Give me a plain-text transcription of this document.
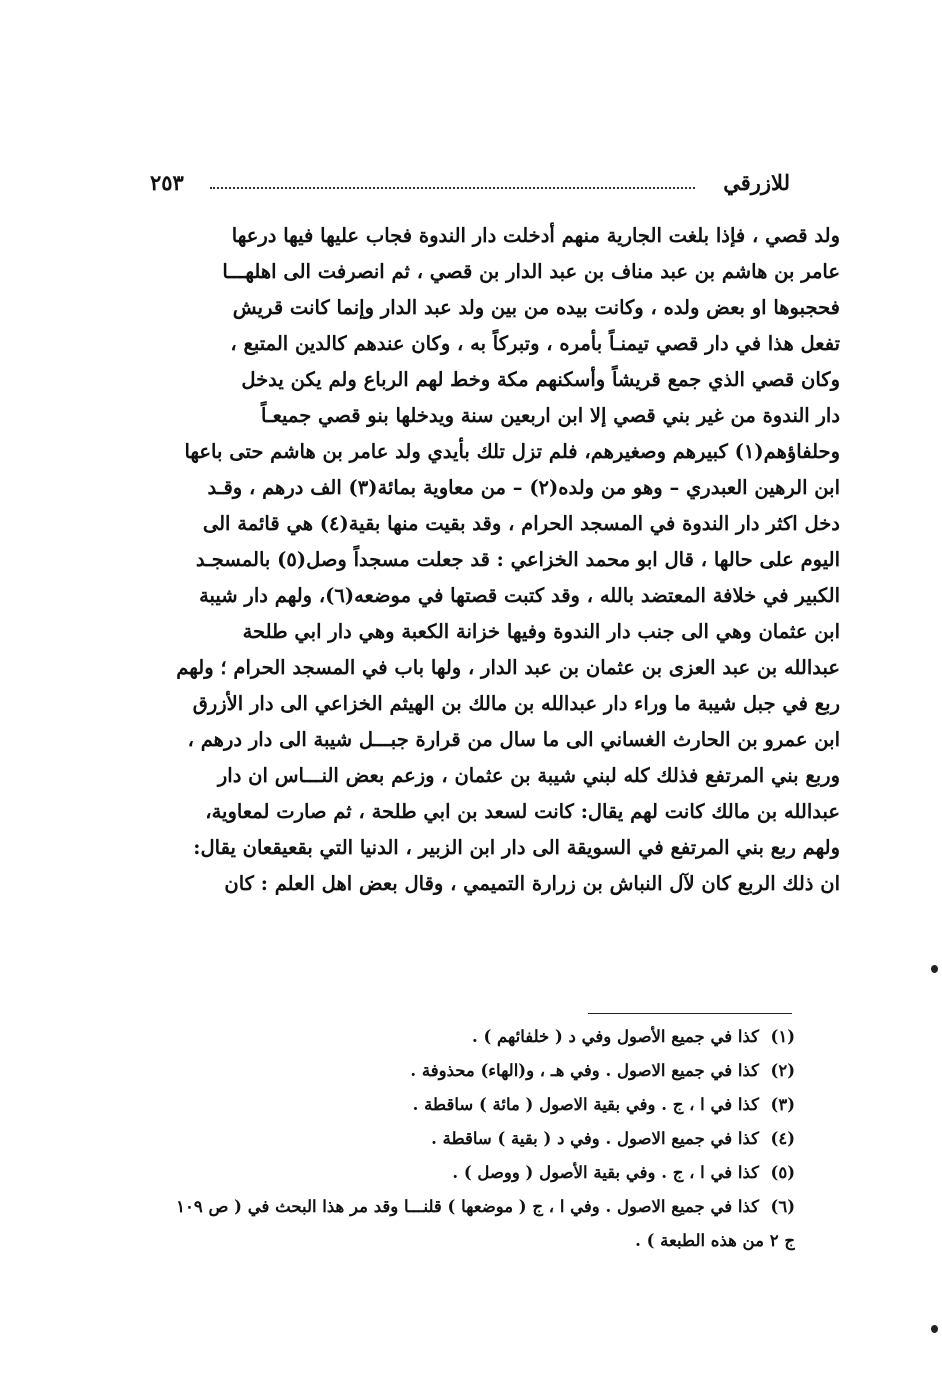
للازرقي
٢٥٣
ولد قصي ، فإذا بلغت الجارية منهم أدخلت دار الندوة فجاب عليها فيها درعها
عامر بن هاشم بن عبد مناف بن عبد الدار بن قصي ، ثم انصرفت الى اهلهـــا
فحجبوها او بعض ولده ، وكانت بيده من بين ولد عبد الدار وإنما كانت قريش
تفعل هذا في دار قصي تيمنـاً بأمره ، وتبركاً به ، وكان عندهم كالدين المتبع ،
وكان قصي الذي جمع قريشاً وأسكنهم مكة وخط لهم الرباع ولم يكن يدخل
دار الندوة من غير بني قصي إلا ابن اربعين سنة ويدخلها بنو قصي جميعـاً
وحلفاؤهم(١) كبيرهم وصغيرهم، فلم تزل تلك بأيدي ولد عامر بن هاشم حتى باعها
ابن الرهين العبدري – وهو من ولده(٢) – من معاوية بمائة(٣) الف درهم ، وقـد
دخل اكثر دار الندوة في المسجد الحرام ، وقد بقيت منها بقية(٤) هي قائمة الى
اليوم على حالها ، قال ابو محمد الخزاعي : قد جعلت مسجداً وصل(٥) بالمسجـد
الكبير في خلافة المعتضد بالله ، وقد كتبت قصتها في موضعه(٦)، ولهم دار شيبة
ابن عثمان وهي الى جنب دار الندوة وفيها خزانة الكعبة وهي دار ابي طلحة
عبدالله بن عبد العزى بن عثمان بن عبد الدار ، ولها باب في المسجد الحرام ؛ ولهم
ربع في جبل شيبة ما وراء دار عبدالله بن مالك بن الهيثم الخزاعي الى دار الأزرق
ابن عمرو بن الحارث الغساني الى ما سال من قرارة جبـــل شيبة الى دار درهم ،
وربع بني المرتفع فذلك كله لبني شيبة بن عثمان ، وزعم بعض النـــاس ان دار
عبدالله بن مالك كانت لهم يقال: كانت لسعد بن ابي طلحة ، ثم صارت لمعاوية،
ولهم ربع بني المرتفع في السويقة الى دار ابن الزبير ، الدنيا التي بقعيقعان يقال:
ان ذلك الربع كان لآل النباش بن زرارة التميمي ، وقال بعض اهل العلم : كان
(١)كذا في جميع الأصول وفي د ( خلفائهم ) .
(٢)كذا في جميع الاصول . وفي هـ ، و(الهاء) محذوفة .
(٣)كذا في ا ، ج . وفي بقية الاصول ( مائة ) ساقطة .
(٤)كذا في جميع الاصول . وفي د ( بقية ) ساقطة .
(٥)كذا في ا ، ج . وفي بقية الأصول ( ووصل ) .
(٦)كذا في جميع الاصول . وفي ا ، ج ( موضعها ) قلنـــا وقد مر هذا البحث في ( ص ١٠٩
ج ٢ من هذه الطبعة ) .
